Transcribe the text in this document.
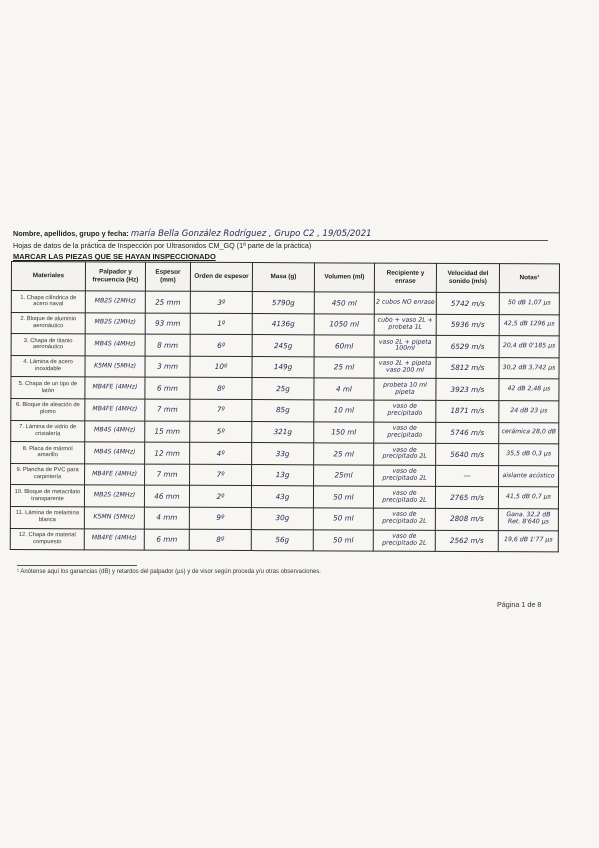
Nombre, apellidos, grupo y fecha: maría Bella González Rodríguez , Grupo C2 , 19/05/2021
Hojas de datos de la práctica de Inspección por Ultrasonidos CM_GQ (1ª parte de la práctica)
MARCAR LAS PIEZAS QUE SE HAYAN INSPECCIONADO
Materiales	Palpador y frecuencia (Hz)	Espesor (mm)	Orden de espesor	Masa (g)	Volumen (ml)	Recipiente y enrase	Velocidad del sonido (m/s)	Notas¹
1. Chapa cilíndrica de acero naval	MB2S (2MHz)	25 mm	3º	5790g	450 ml	2 cubos NO enrase	5742 m/s	50 dB 1,07 µs
2. Bloque de aluminio aeronáutico	MB2S (2MHz)	93 mm	1º	4136g	1050 ml	cubo + vaso 2L + probeta 1L	5936 m/s	42,5 dB 1296 µs
3. Chapa de titanio aeronáutico	MB4S (4MHz)	8 mm	6º	245g	60ml	vaso 2L + pipeta 100ml	6529 m/s	20,4 dB 0'185 µs
4. Lámina de acero inoxidable	K5MN (5MHz)	3 mm	10º	149g	25 ml	vaso 2L + pipeta vaso 200 ml	5812 m/s	30,2 dB 3,742 µs
5. Chapa de un tipo de latón	MB4FE (4MHz)	6 mm	8º	25g	4 ml	probeta 10 ml pipeta	3923 m/s	42 dB 2,48 µs
6. Bloque de aleación de plomo	MB4FE (4MHz)	7 mm	7º	85g	10 ml	vaso de precipitado	1871 m/s	24 dB 23 µs
7. Lámina de vidrio de cristalería	MB4S (4MHz)	15 mm	5º	321g	150 ml	vaso de precipitado	5746 m/s	cerámica 28,0 dB
8. Placa de mármol amarillo	MB4S (4MHz)	12 mm	4º	33g	25 ml	vaso de precipitado 2L	5640 m/s	35,5 dB 0,3 µs
9. Plancha de PVC para carpintería	MB4FE (4MHz)	7 mm	7º	13g	25ml	vaso de precipitado 2L	—	aislante acústico
10. Bloque de metacrilato transparente	MB2S (2MHz)	46 mm	2º	43g	50 ml	vaso de precipitado 2L	2765 m/s	41,5 dB 0,7 µs
11. Lámina de melamina blanca	K5MN (5MHz)	4 mm	9º	30g	50 ml	vaso de precipitado 2L	2808 m/s	Gana. 32,2 dB Ret. 8'640 µs
12. Chapa de material compuesto	MB4FE (4MHz)	6 mm	8º	56g	50 ml	vaso de precipitado 2L	2562 m/s	19,6 dB 1'77 µs
¹ Anótense aquí los ganancias (dB) y retardos del palpador (µs) y de visor según proceda y/u otras observaciones.
Página 1 de 8
